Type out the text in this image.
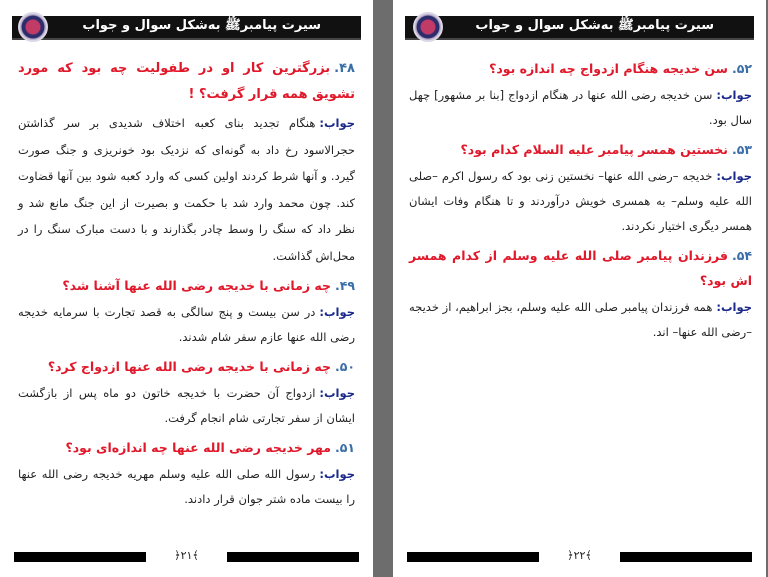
سیرت پیامبرﷺ به‌شکل سوال و جواب
۴۸.بزرگترین کار او در طفولیت چه بود که مورد تشویق همه قرار گرفت؟ !
جواب:هنگام تجدید بنای کعبه اختلاف شدیدی بر سر گذاشتن حجرالاسود رخ داد به گونه‌ای که نزدیک بود خونریزی و جنگ صورت گیرد. و آنها شرط کردند اولین کسی که وارد کعبه شود بین آنها قضاوت کند. چون محمد وارد شد با حکمت و بصیرت از این جنگ مانع شد و نظر داد که سنگ را وسط چادر بگذارند و با دست مبارک سنگ را در محل‌اش گذاشت.
۴۹.چه زمانی با خدیجه رضی الله عنها آشنا شد؟
جواب:در سن بیست و پنج سالگی به قصد تجارت با سرمایه خدیجه رضی الله عنها عازم سفر شام شدند.
۵۰.چه زمانی با خدیجه رضی الله عنها ازدواج کرد؟
جواب:ازدواج آن حضرت با خدیجه خاتون دو ماه پس از بازگشت ایشان از سفر تجارتی شام انجام گرفت.
۵۱.مهر خدیجه رضی الله عنها چه اندازه‌ای بود؟
جواب:رسول الله صلی الله علیه وسلم مهریه خدیجه رضی الله عنها را بیست ماده شتر جوان قرار دادند.
﴿۲۱﴾
سیرت پیامبرﷺ به‌شکل سوال و جواب
۵۲.سن خدیجه هنگام ازدواج چه اندازه بود؟
جواب:سن خدیجه رضی الله عنها در هنگام ازدواج [بنا بر مشهور] چهل سال بود.
۵۳.نخستین همسر پیامبر علیه السلام کدام بود؟
جواب:خدیجه –رضی الله عنها– نخستین زنی بود که رسول اکرم –صلی الله علیه وسلم– به همسری خویش درآوردند و تا هنگام وفات ایشان همسر دیگری اختیار نکردند.
۵۴.فرزندان پیامبر صلی الله علیه وسلم از کدام همسر اش بود؟
جواب:همه فرزندان پیامبر صلی الله علیه وسلم، بجز ابراهیم، از خدیجه –رضی الله عنها– اند.
﴿۲۲﴾
